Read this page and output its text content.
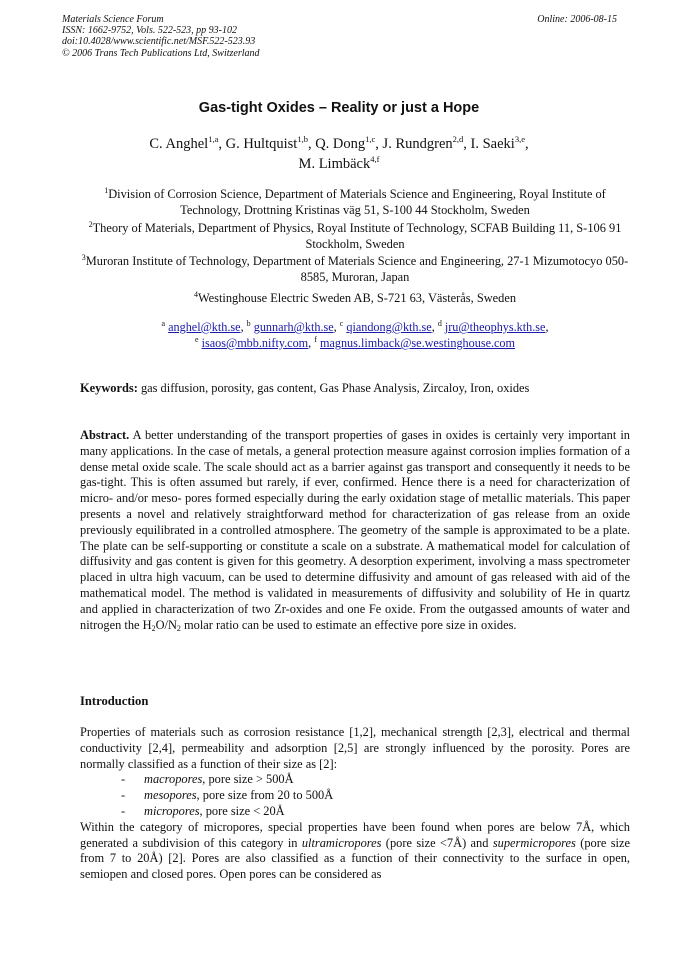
Materials Science Forum
ISSN: 1662-9752, Vols. 522-523, pp 93-102
doi:10.4028/www.scientific.net/MSF.522-523.93
© 2006 Trans Tech Publications Ltd, Switzerland
Online: 2006-08-15
Gas-tight Oxides – Reality or just a Hope
C. Anghel$^{1,a}$, G. Hultquist$^{1,b}$, Q. Dong$^{1,c}$, J. Rundgren$^{2,d}$, I. Saeki$^{3,e}$,
M. Limbäck$^{4,f}$

$^1$Division of Corrosion Science, Department of Materials Science and Engineering, Royal Institute of Technology, Drottning Kristinas väg 51, S-100 44 Stockholm, Sweden

$^2$Theory of Materials, Department of Physics, Royal Institute of Technology, SCFAB Building 11, S-106 91 Stockholm, Sweden

$^3$Muroran Institute of Technology, Department of Materials Science and Engineering, 27-1 Mizumotocyo 050-8585, Muroran, Japan

$^4$Westinghouse Electric Sweden AB, S-721 63, Västerås, Sweden

$^a$ anghel@kth.se, $^b$ gunnarh@kth.se, $^c$ qiandong@kth.se, $^d$ jru@theophys.kth.se,
$^e$ isaos@mbb.nifty.com, $^f$ magnus.limback@se.westinghouse.com
Keywords: gas diffusion, porosity, gas content, Gas Phase Analysis, Zircaloy, Iron, oxides
Abstract. A better understanding of the transport properties of gases in oxides is certainly very important in many applications. In the case of metals, a general protection measure against corrosion implies formation of a dense metal oxide scale. The scale should act as a barrier against gas transport and consequently it needs to be gas-tight. This is often assumed but rarely, if ever, confirmed. Hence there is a need for characterization of micro- and/or meso- pores formed especially during the early oxidation stage of metallic materials. This paper presents a novel and relatively straightforward method for characterization of gas release from an oxide previously equilibrated in a controlled atmosphere. The geometry of the sample is approximated to be a plate. The plate can be self-supporting or constitute a scale on a substrate. A mathematical model for calculation of diffusivity and gas content is given for this geometry. A desorption experiment, involving a mass spectrometer placed in ultra high vacuum, can be used to determine diffusivity and amount of gas released with aid of the mathematical model. The method is validated in measurements of diffusivity and solubility of He in quartz and applied in characterization of two Zr-oxides and one Fe oxide. From the outgassed amounts of water and nitrogen the $H_2O/N_2$ molar ratio can be used to estimate an effective pore size in oxides.
Introduction

Properties of materials such as corrosion resistance [1,2], mechanical strength [2,3], electrical and thermal conductivity [2,4], permeability and adsorption [2,5] are strongly influenced by the porosity. Pores are normally classified as a function of their size as [2]:

- macropores, pore size > 500Å
- mesopores, pore size from 20 to 500Å
- micropores, pore size < 20Å

Within the category of micropores, special properties have been found when pores are below 7Å, which generated a subdivision of this category in ultramicropores (pore size <7Å) and supermicropores (pore size from 7 to 20Å) [2]. Pores are also classified as a function of their connectivity to the surface in open, semiopen and closed pores. Open pores can be considered as
